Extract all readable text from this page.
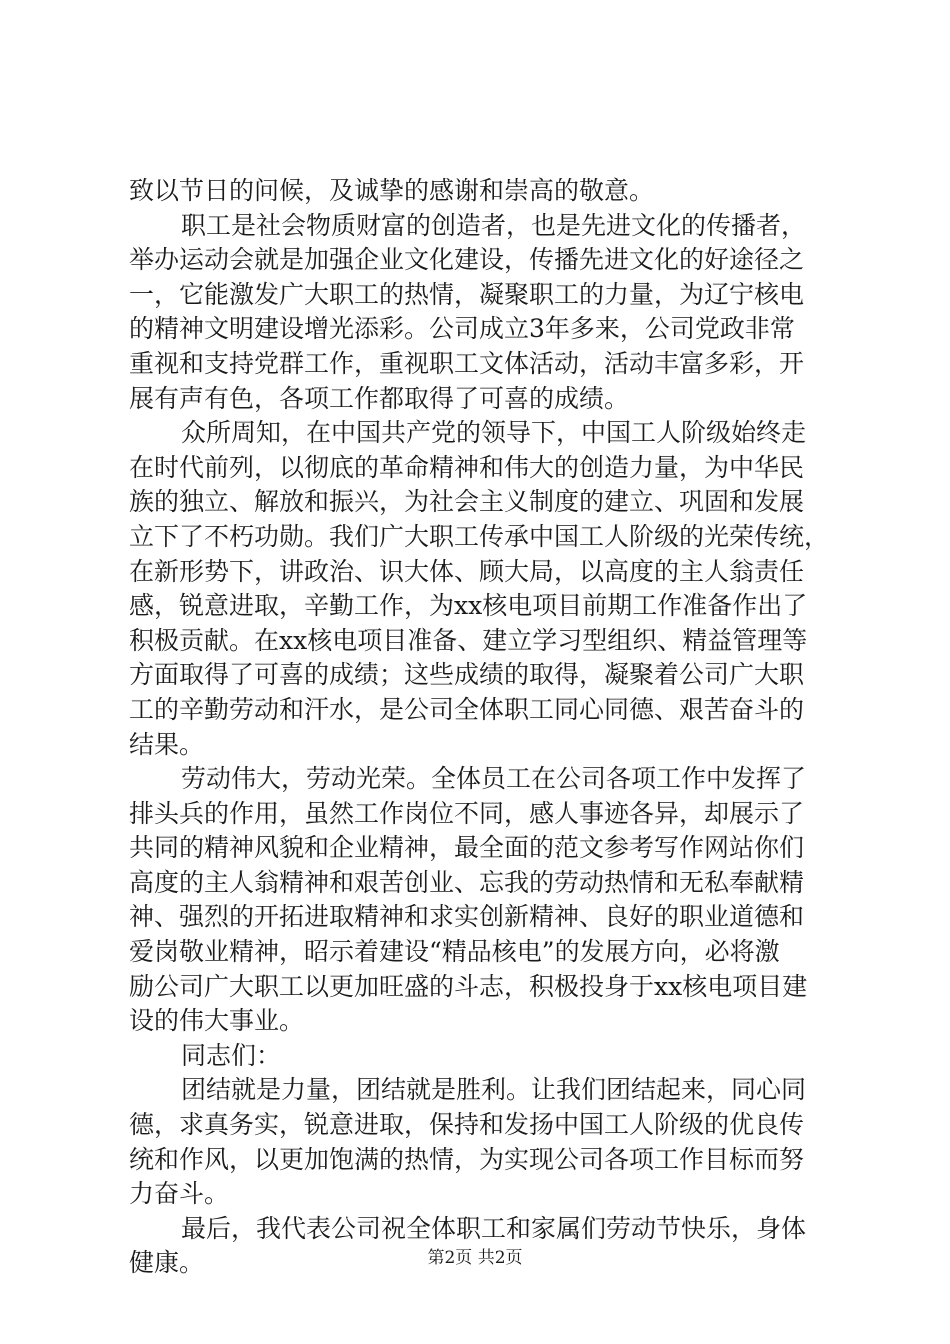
致以节日的问候，及诚挚的感谢和崇高的敬意。
职工是社会物质财富的创造者，也是先进文化的传播者，
举办运动会就是加强企业文化建设，传播先进文化的好途径之
一，它能激发广大职工的热情，凝聚职工的力量，为辽宁核电
的精神文明建设增光添彩。公司成立3年多来，公司党政非常
重视和支持党群工作，重视职工文体活动，活动丰富多彩，开
展有声有色，各项工作都取得了可喜的成绩。
众所周知，在中国共产党的领导下，中国工人阶级始终走
在时代前列，以彻底的革命精神和伟大的创造力量，为中华民
族的独立、解放和振兴，为社会主义制度的建立、巩固和发展
立下了不朽功勋。我们广大职工传承中国工人阶级的光荣传统，
在新形势下，讲政治、识大体、顾大局，以高度的主人翁责任
感，锐意进取，辛勤工作，为xx核电项目前期工作准备作出了
积极贡献。在xx核电项目准备、建立学习型组织、精益管理等
方面取得了可喜的成绩；这些成绩的取得，凝聚着公司广大职
工的辛勤劳动和汗水，是公司全体职工同心同德、艰苦奋斗的
结果。
劳动伟大，劳动光荣。全体员工在公司各项工作中发挥了
排头兵的作用，虽然工作岗位不同，感人事迹各异，却展示了
共同的精神风貌和企业精神，最全面的范文参考写作网站你们
高度的主人翁精神和艰苦创业、忘我的劳动热情和无私奉献精
神、强烈的开拓进取精神和求实创新精神、良好的职业道德和
爱岗敬业精神，昭示着建设“精品核电”的发展方向，必将激
励公司广大职工以更加旺盛的斗志，积极投身于xx核电项目建
设的伟大事业。
同志们：
团结就是力量，团结就是胜利。让我们团结起来，同心同
德，求真务实，锐意进取，保持和发扬中国工人阶级的优良传
统和作风，以更加饱满的热情，为实现公司各项工作目标而努
力奋斗。
最后，我代表公司祝全体职工和家属们劳动节快乐，身体
健康。	第2页 共2页
